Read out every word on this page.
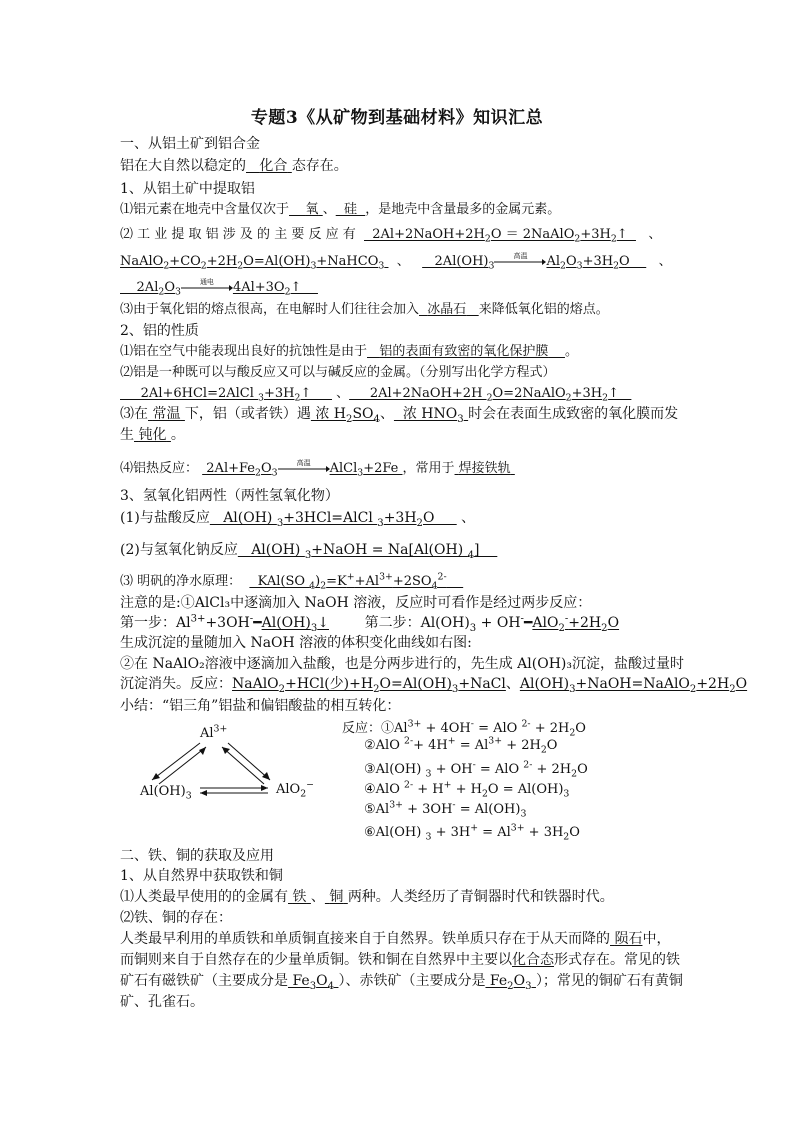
专题3《从矿物到基础材料》知识汇总
一、从铝土矿到铝合金
铝在大自然以稳定的 化合 态存在。
1、从铝土矿中提取铝
⑴铝元素在地壳中含量仅次于 氧 、 硅 ，是地壳中含量最多的金属元素。
⑵ 工 业 提 取 铝 涉 及 的 主 要 反 应 有    $2Al+2NaOH+2H_2O$ ＝ $2NaAlO_2+3H_2↑$     、
$NaAlO_2+CO_2+2H_2O=Al(OH)_3+NaHCO_3$   、      $2Al(OH)_3$
高温	$Al_2O_3+3H_2O$       、
$2Al_2O_3$
通电	$4Al+3O_2↑$
⑶由于氧化铝的熔点很高，在电解时人们往往会加入 冰晶石 来降低氧化铝的熔点。
2、铝的性质
⑴铝在空气中能表现出良好的抗蚀性是由于 铝的表面有致密的氧化保护膜 。
⑵铝是一种既可以与酸反应又可以与碱反应的金属。（分别写出化学方程式）
2Al+6HCl=2AlCl $_3+3H_2↑$      、     2Al+2NaOH+2H $_2O=2NaAlO_2+3H_2↑$
⑶在 常温 下，铝（或者铁）遇 浓 $H_2SO_4$、  浓 $HNO_3$ 时会在表面生成致密的氧化膜而发
生 钝化 。
⑷铝热反应：  $2Al+Fe_2O_3$
高温	AlCl$_3$+2Fe ，常用于 焊接铁轨
3、氢氧化铝两性（两性氢氧化物）
(1)与盐酸反应   Al(OH) $_3$+3HCl=AlCl $_3+3H_2O$      、
(2)与氢氧化钠反应   Al(OH) $_3$+NaOH = Na[Al(OH) $_4$]
⑶ 明矾的净水原理：    KAl(SO $_4)_2=K^++Al^{3+}+2SO_4^{2-}$
注意的是:①AlCl₃中逐滴加入 NaOH 溶液，反应时可看作是经过两步反应：
第一步：$Al^{3+}+3OH^-━Al(OH)_3↓$	第二步：$Al(OH)_3$ + $OH^-━AlO_2^-+2H_2O$
生成沉淀的量随加入 NaOH 溶液的体积变化曲线如右图:
②在 NaAlO₂溶液中逐滴加入盐酸，也是分两步进行的，先生成 Al(OH)₃沉淀，盐酸过量时
沉淀消失。反应：NaAlO$_2$+HCl(少)$+H_2O=Al(OH)_3+NaCl$、$Al(OH)_3+NaOH=NaAlO_2+2H_2O$
小结：“铝三角”铝盐和偏铝酸盐的相互转化：
$Al^{3+}$
$Al(OH)_3$	AlO$_2$−
反应：$①Al^{3+} + 4OH^-$ = AlO $^{2-} + 2H_2O$
②AlO $^{2-}+ 4H^+ = Al^{3+} + 2H_2O$
③Al(OH) $_3$ + OH- = AlO $^{2-} + 2H_2O$
④AlO $^{2-} + H^+ + H_2O = Al(OH)_3$
$⑤Al^{3+} + 3OH^- = Al(OH)_3$
⑥Al(OH) $_3 + 3H^+ = Al^{3+} + 3H_2O$
二、铁、铜的获取及应用
1、从自然界中获取铁和铜
⑴人类最早使用的的金属有 铁 、 铜 两种。人类经历了青铜器时代和铁器时代。
⑵铁、铜的存在：
人类最早利用的单质铁和单质铜直接来自于自然界。铁单质只存在于从天而降的 陨石中，
而铜则来自于自然存在的少量单质铜。铁和铜在自然界中主要以化合态形式存在。常见的铁
矿石有磁铁矿（主要成分是 $Fe_3O_4$ ）、赤铁矿（主要成分是 $Fe_2O_3$ ）；常见的铜矿石有黄铜
矿、孔雀石。
